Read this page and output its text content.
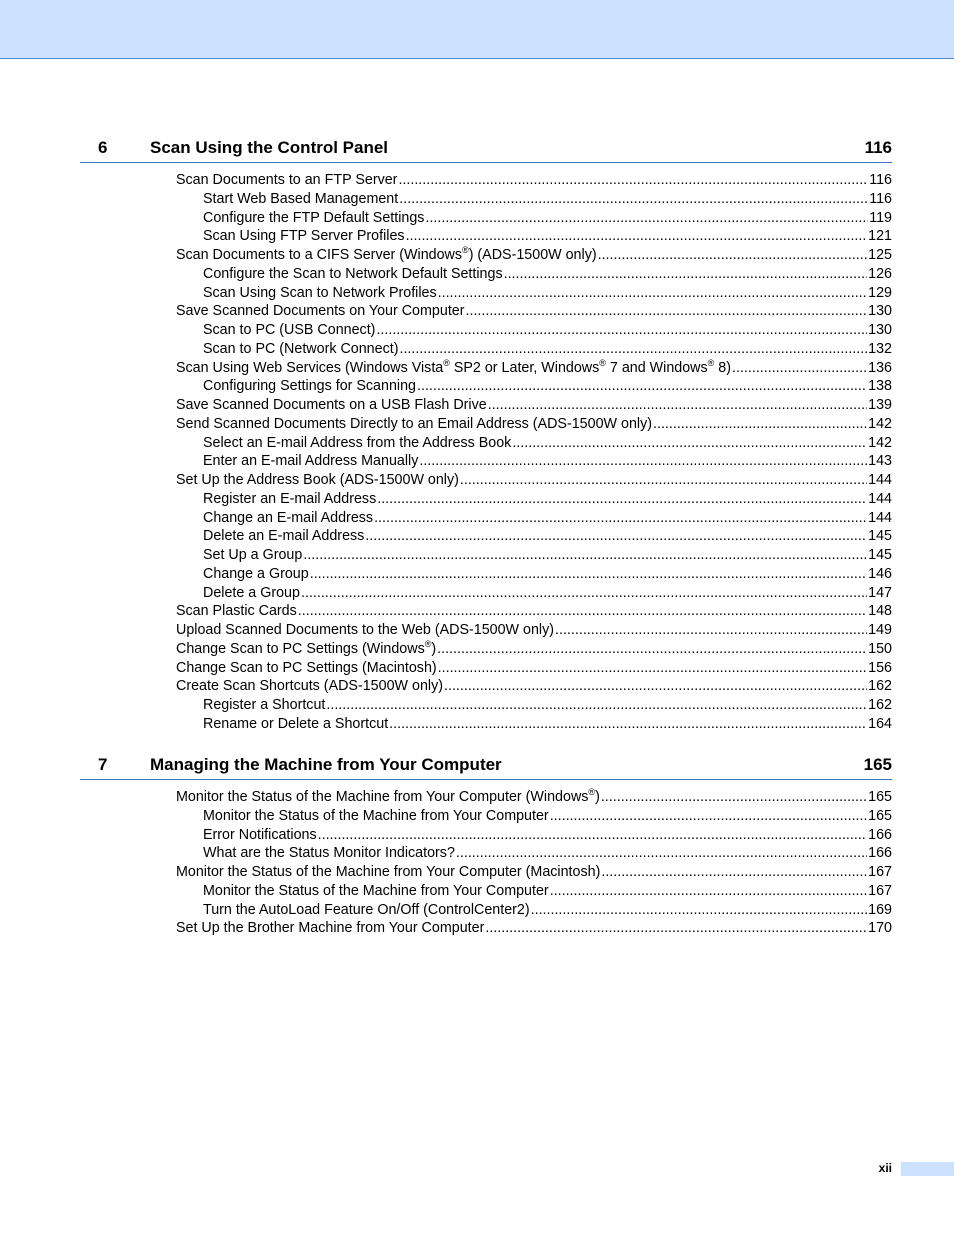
6	Scan Using the Control Panel	116
Scan Documents to an FTP Server .....	116
Start Web Based Management .....	116
Configure the FTP Default Settings .....	119
Scan Using FTP Server Profiles .....	121
Scan Documents to a CIFS Server (Windows®) (ADS-1500W only) .....	125
Configure the Scan to Network Default Settings .....	126
Scan Using Scan to Network Profiles .....	129
Save Scanned Documents on Your Computer .....	130
Scan to PC (USB Connect) .....	130
Scan to PC (Network Connect) .....	132
Scan Using Web Services (Windows Vista® SP2 or Later, Windows® 7 and Windows® 8) .....	136
Configuring Settings for Scanning .....	138
Save Scanned Documents on a USB Flash Drive .....	139
Send Scanned Documents Directly to an Email Address (ADS-1500W only) .....	142
Select an E-mail Address from the Address Book .....	142
Enter an E-mail Address Manually .....	143
Set Up the Address Book (ADS-1500W only) .....	144
Register an E-mail Address .....	144
Change an E-mail Address .....	144
Delete an E-mail Address .....	145
Set Up a Group .....	145
Change a Group .....	146
Delete a Group .....	147
Scan Plastic Cards .....	148
Upload Scanned Documents to the Web (ADS-1500W only) .....	149
Change Scan to PC Settings (Windows®) .....	150
Change Scan to PC Settings (Macintosh) .....	156
Create Scan Shortcuts (ADS-1500W only) .....	162
Register a Shortcut .....	162
Rename or Delete a Shortcut .....	164
7	Managing the Machine from Your Computer	165
Monitor the Status of the Machine from Your Computer (Windows®) .....	165
Monitor the Status of the Machine from Your Computer .....	165
Error Notifications .....	166
What are the Status Monitor Indicators? .....	166
Monitor the Status of the Machine from Your Computer (Macintosh) .....	167
Monitor the Status of the Machine from Your Computer .....	167
Turn the AutoLoad Feature On/Off (ControlCenter2) .....	169
Set Up the Brother Machine from Your Computer .....	170
xii
